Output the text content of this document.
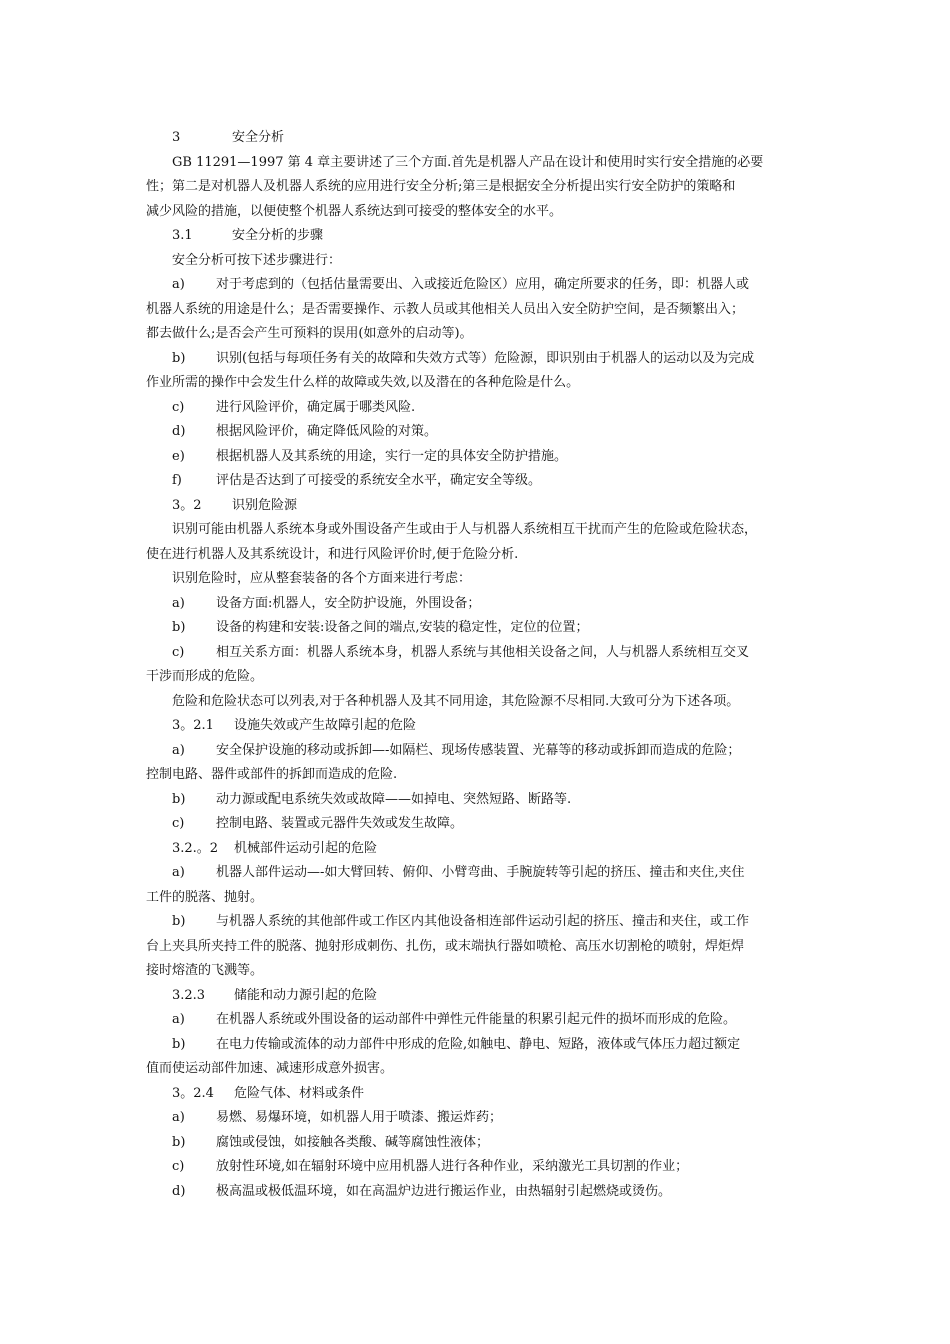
3	安全分析
GB 11291—1997 第 4 章主要讲述了三个方面.首先是机器人产品在设计和使用时实行安全措施的必要
性；第二是对机器人及机器人系统的应用进行安全分析;第三是根据安全分析提出实行安全防护的策略和
减少风险的措施，以便使整个机器人系统达到可接受的整体安全的水平。
3.1	安全分析的步骤
安全分析可按下述步骤进行：
a) 对于考虑到的（包括估量需要出、入或接近危险区）应用，确定所要求的任务，即：机器人或
机器人系统的用途是什么；是否需要操作、示教人员或其他相关人员出入安全防护空间，是否频繁出入；
都去做什么;是否会产生可预料的误用(如意外的启动等)。
b) 识别(包括与每项任务有关的故障和失效方式等）危险源，即识别由于机器人的运动以及为完成
作业所需的操作中会发生什么样的故障或失效,以及潜在的各种危险是什么。
c) 进行风险评价，确定属于哪类风险.
d) 根据风险评价，确定降低风险的对策。
e) 根据机器人及其系统的用途，实行一定的具体安全防护措施。
f)	评估是否达到了可接受的系统安全水平，确定安全等级。
3。2 识别危险源
识别可能由机器人系统本身或外围设备产生或由于人与机器人系统相互干扰而产生的危险或危险状态，
使在进行机器人及其系统设计，和进行风险评价时,便于危险分析.
识别危险时，应从整套装备的各个方面来进行考虑：
a) 设备方面:机器人，安全防护设施，外围设备；
b) 设备的构建和安装:设备之间的端点,安装的稳定性，定位的位置；
c) 相互关系方面：机器人系统本身，机器人系统与其他相关设备之间，人与机器人系统相互交叉
干涉而形成的危险。
危险和危险状态可以列表,对于各种机器人及其不同用途，其危险源不尽相同.大致可分为下述各项。
3。2.1 设施失效或产生故障引起的危险
a) 安全保护设施的移动或拆卸—-如隔栏、现场传感装置、光幕等的移动或拆卸而造成的危险；
控制电路、器件或部件的拆卸而造成的危险.
b) 动力源或配电系统失效或故障——如掉电、突然短路、断路等.
c) 控制电路、装置或元器件失效或发生故障。
3.2.。2 机械部件运动引起的危险
a) 机器人部件运动—-如大臂回转、俯仰、小臂弯曲、手腕旋转等引起的挤压、撞击和夹住,夹住
工件的脱落、抛射。
b) 与机器人系统的其他部件或工作区内其他设备相连部件运动引起的挤压、撞击和夹住，或工作
台上夹具所夹持工件的脱落、抛射形成刺伤、扎伤，或末端执行器如喷枪、高压水切割枪的喷射，焊炬焊
接时熔渣的飞溅等。
3.2.3 储能和动力源引起的危险
a) 在机器人系统或外围设备的运动部件中弹性元件能量的积累引起元件的损坏而形成的危险。
b) 在电力传输或流体的动力部件中形成的危险,如触电、静电、短路，液体或气体压力超过额定
值而使运动部件加速、减速形成意外损害。
3。2.4 危险气体、材料或条件
a) 易燃、易爆环境，如机器人用于喷漆、搬运炸药；
b) 腐蚀或侵蚀，如接触各类酸、碱等腐蚀性液体；
c) 放射性环境,如在辐射环境中应用机器人进行各种作业，采纳激光工具切割的作业；
d) 极高温或极低温环境，如在高温炉边进行搬运作业，由热辐射引起燃烧或烫伤。
